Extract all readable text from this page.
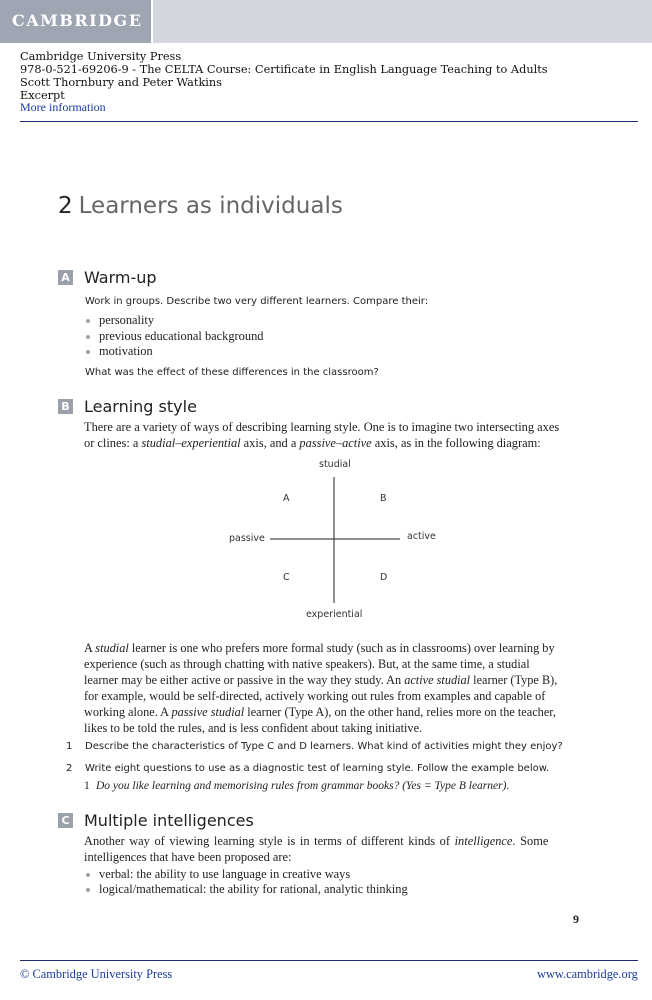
CAMBRIDGE
Cambridge University Press
978-0-521-69206-9 - The CELTA Course: Certificate in English Language Teaching to Adults
Scott Thornbury and Peter Watkins
Excerpt
More information
2 Learners as individuals
A Warm-up
Work in groups. Describe two very different learners. Compare their:
personality
previous educational background
motivation
What was the effect of these differences in the classroom?
B Learning style
There are a variety of ways of describing learning style. One is to imagine two intersecting axes
or clines: a studial–experiential axis, and a passive–active axis, as in the following diagram:
studial
experiential
passive	active
A	B
C	D
A studial learner is one who prefers more formal study (such as in classrooms) over learning by
experience (such as through chatting with native speakers). But, at the same time, a studial
learner may be either active or passive in the way they study. An active studial learner (Type B),
for example, would be self-directed, actively working out rules from examples and capable of
working alone. A passive studial learner (Type A), on the other hand, relies more on the teacher,
likes to be told the rules, and is less confident about taking initiative.
1 Describe the characteristics of Type C and D learners. What kind of activities might they enjoy?
2 Write eight questions to use as a diagnostic test of learning style. Follow the example below.
1 Do you like learning and memorising rules from grammar books? (Yes = Type B learner).
C Multiple intelligences
Another way of viewing learning style is in terms of different kinds of intelligence. Some
intelligences that have been proposed are:
verbal: the ability to use language in creative ways
logical/mathematical: the ability for rational, analytic thinking
9
© Cambridge University Press	www.cambridge.org
